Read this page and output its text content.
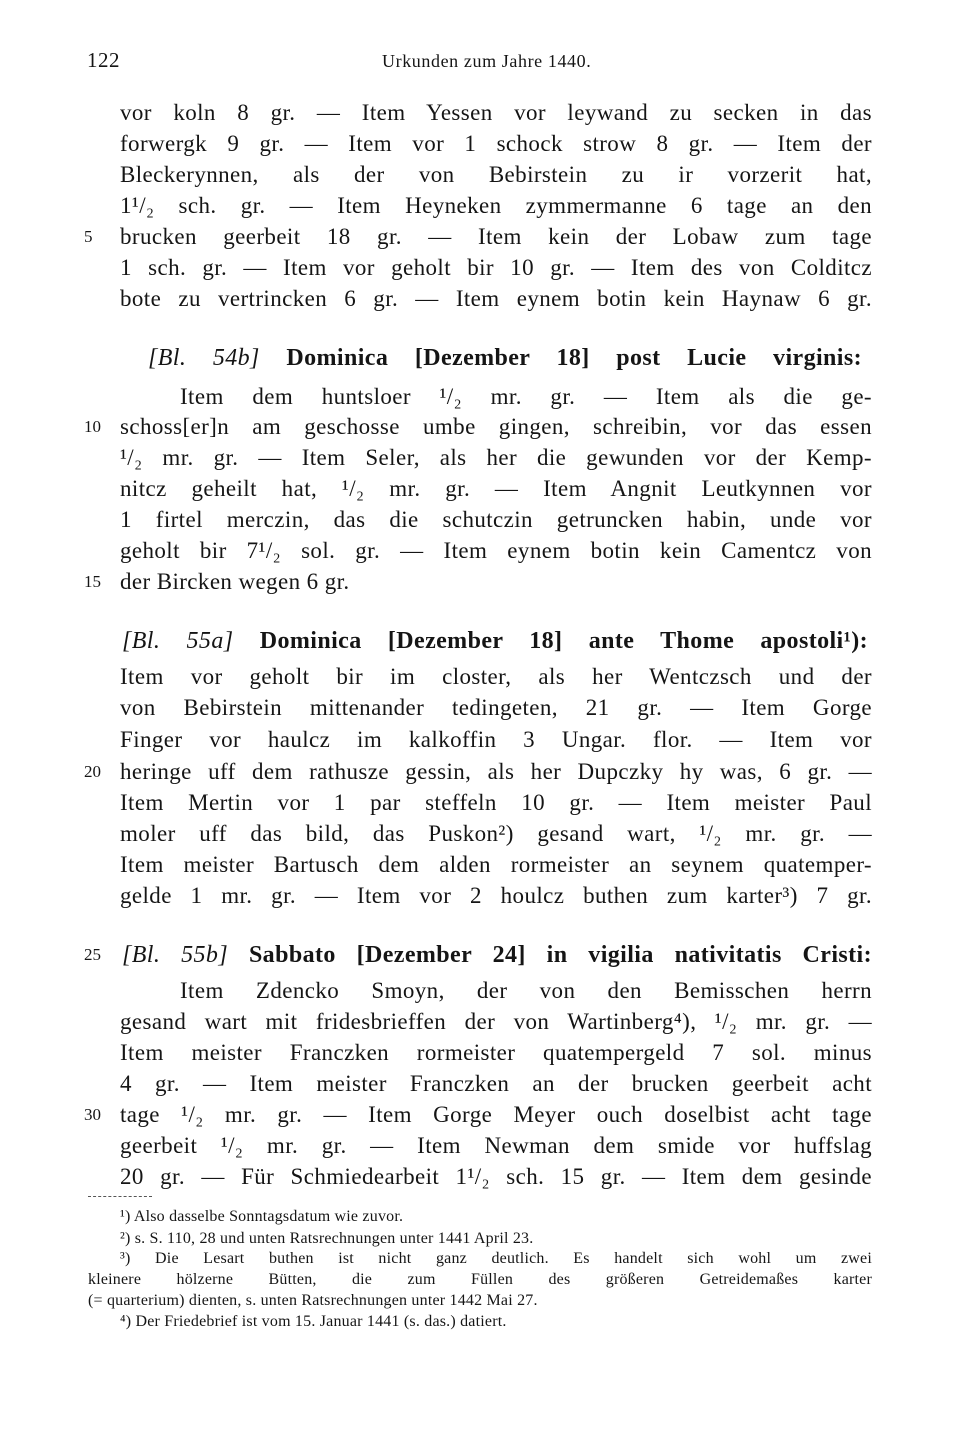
122	Urkunden zum Jahre 1440.
5
10
15
20
25
30
vor koln 8 gr. — Item Yessen vor leywand zu secken in das
forwergk 9 gr. — Item vor 1 schock strow 8 gr. — Item der
Bleckerynnen, als der von Bebirstein zu ir vorzerit hat,
1¹/₂ sch. gr. — Item Heyneken zymmermanne 6 tage an den
brucken geerbeit 18 gr. — Item kein der Lobaw zum tage
1 sch. gr. — Item vor geholt bir 10 gr. — Item des von Colditcz
bote zu vertrincken 6 gr. — Item eynem botin kein Haynaw 6 gr.
[Bl. 54b] Dominica [Dezember 18] post Lucie virginis:
Item dem huntsloer ¹/₂ mr. gr. — Item als die ge-
schoss[er]n am geschosse umbe gingen, schreibin, vor das essen
¹/₂ mr. gr. — Item Seler, als her die gewunden vor der Kemp-
nitcz geheilt hat, ¹/₂ mr. gr. — Item Angnit Leutkynnen vor
1 firtel merczin, das die schutczin getruncken habin, unde vor
geholt bir 7¹/₂ sol. gr. — Item eynem botin kein Camentcz von
der Bircken wegen 6 gr.
[Bl. 55a] Dominica [Dezember 18] ante Thome apostoli¹):
Item vor geholt bir im closter, als her Wentczsch und der
von Bebirstein mittenander tedingeten, 21 gr. — Item Gorge
Finger vor haulcz im kalkoffin 3 Ungar. flor. — Item vor
heringe uff dem rathusze gessin, als her Dupczky hy was, 6 gr. —
Item Mertin vor 1 par steffeln 10 gr. — Item meister Paul
moler uff das bild, das Puskon²) gesand wart, ¹/₂ mr. gr. —
Item meister Bartusch dem alden rormeister an seynem quatemper-
gelde 1 mr. gr. — Item vor 2 houlcz buthen zum karter³) 7 gr.
[Bl. 55b] Sabbato [Dezember 24] in vigilia nativitatis Cristi:
Item Zdencko Smoyn, der von den Bemisschen herrn
gesand wart mit fridesbrieffen der von Wartinberg⁴), ¹/₂ mr. gr. —
Item meister Franczken rormeister quatempergeld 7 sol. minus
4 gr. — Item meister Franczken an der brucken geerbeit acht
tage ¹/₂ mr. gr. — Item Gorge Meyer ouch doselbist acht tage
geerbeit ¹/₂ mr. gr. — Item Newman dem smide vor huffslag
20 gr. — Für Schmiedearbeit 1¹/₂ sch. 15 gr. — Item dem gesinde
¹) Also dasselbe Sonntagsdatum wie zuvor.
²) s. S. 110, 28 und unten Ratsrechnungen unter 1441 April 23.
³) Die Lesart buthen ist nicht ganz deutlich. Es handelt sich wohl um zwei
kleinere hölzerne Bütten, die zum Füllen des größeren Getreidemaßes karter
(= quarterium) dienten, s. unten Ratsrechnungen unter 1442 Mai 27.
⁴) Der Friedebrief ist vom 15. Januar 1441 (s. das.) datiert.
